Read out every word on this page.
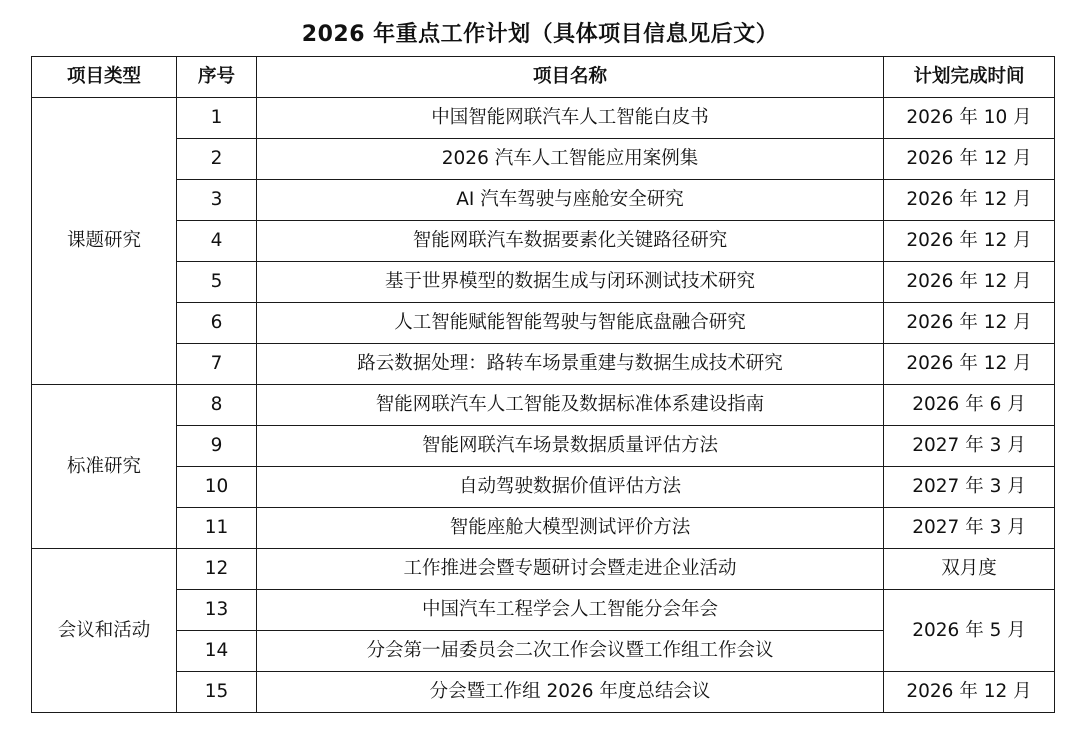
2026 年重点工作计划（具体项目信息见后文）
项目类型	序号	项目名称	计划完成时间
课题研究	1	中国智能网联汽车人工智能白皮书	2026 年 10 月
	2	2026 汽车人工智能应用案例集	2026 年 12 月
	3	AI 汽车驾驶与座舱安全研究	2026 年 12 月
	4	智能网联汽车数据要素化关键路径研究	2026 年 12 月
	5	基于世界模型的数据生成与闭环测试技术研究	2026 年 12 月
	6	人工智能赋能智能驾驶与智能底盘融合研究	2026 年 12 月
	7	路云数据处理：路转车场景重建与数据生成技术研究	2026 年 12 月
标准研究	8	智能网联汽车人工智能及数据标准体系建设指南	2026 年 6 月
	9	智能网联汽车场景数据质量评估方法	2027 年 3 月
	10	自动驾驶数据价值评估方法	2027 年 3 月
	11	智能座舱大模型测试评价方法	2027 年 3 月
会议和活动	12	工作推进会暨专题研讨会暨走进企业活动	双月度
	13	中国汽车工程学会人工智能分会年会	2026 年 5 月
	14	分会第一届委员会二次工作会议暨工作组工作会议	
	15	分会暨工作组 2026 年度总结会议	2026 年 12 月
